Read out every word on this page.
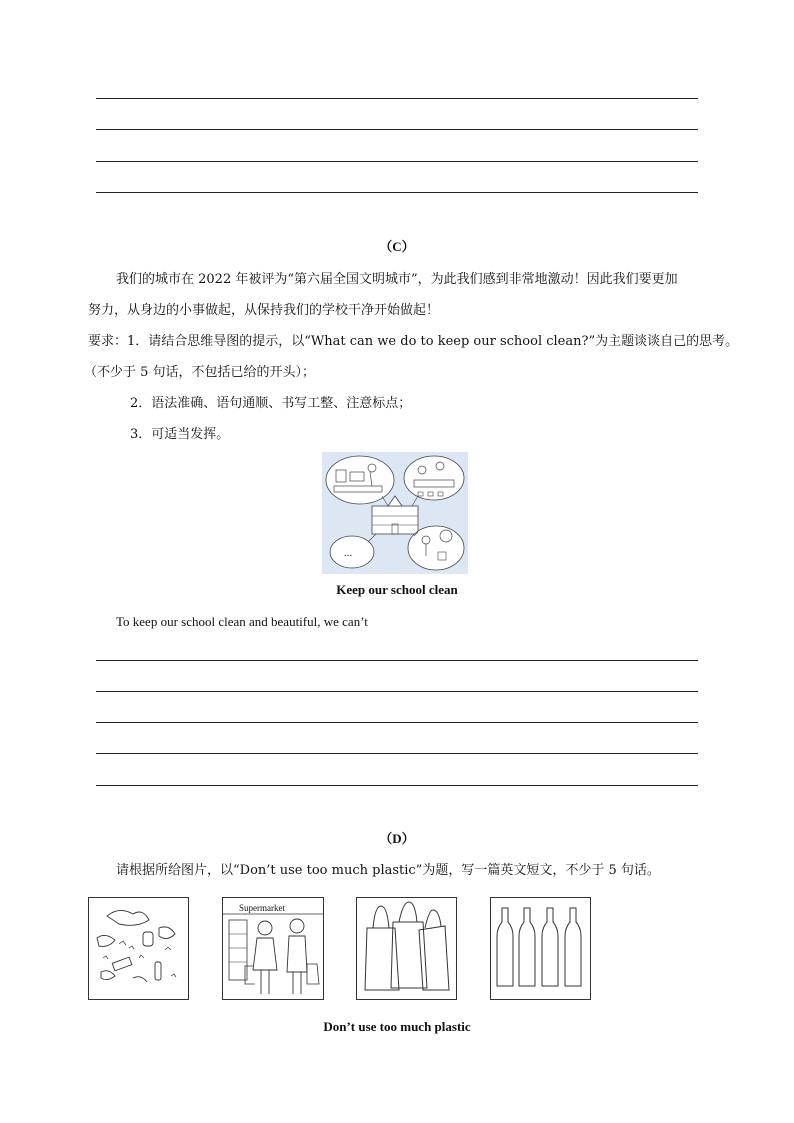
（C）
我们的城市在 2022 年被评为“第六届全国文明城市”，为此我们感到非常地激动！因此我们要更加
努力，从身边的小事做起，从保持我们的学校干净开始做起！
要求：1．请结合思维导图的提示，以“What can we do to keep our school clean?”为主题谈谈自己的思考。
（不少于 5 句话，不包括已给的开头）；
2．语法准确、语句通顺、书写工整、注意标点；
3．可适当发挥。
...
Keep our school clean
To keep our school clean and beautiful, we can’t
（D）
请根据所给图片，以“Don’t use too much plastic”为题，写一篇英文短文，不少于 5 句话。
Supermarket
Don’t use too much plastic
